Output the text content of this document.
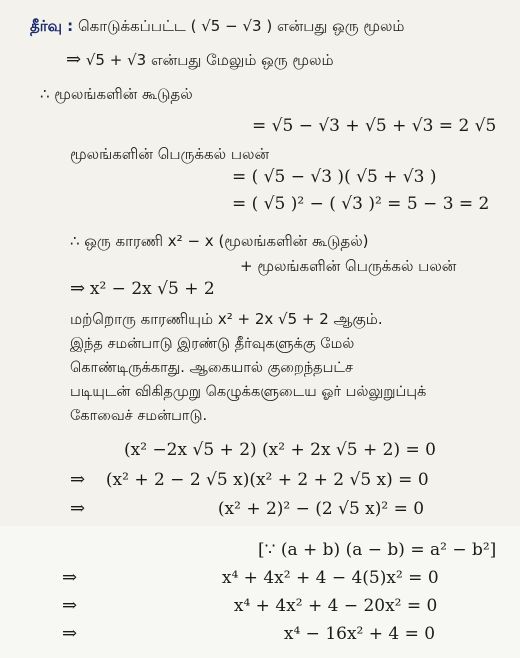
தீர்வு : கொடுக்கப்பட்ட ( √5 − √3 ) என்பது ஒரு மூலம்
⇒ √5 + √3 என்பது மேலும் ஒரு மூலம்
∴ மூலங்களின் கூடுதல்
= √5 − √3 + √5 + √3 = 2 √5
மூலங்களின் பெருக்கல் பலன்
= ( √5 − √3 )( √5 + √3 )
= ( √5 )² − ( √3 )² = 5 − 3 = 2
∴ ஒரு காரணி x² − x (மூலங்களின் கூடுதல்)
+ மூலங்களின் பெருக்கல் பலன்
⇒ x² − 2x √5 + 2
மற்றொரு காரணியும் x² + 2x √5 + 2 ஆகும்.
இந்த சமன்பாடு இரண்டு தீர்வுகளுக்கு மேல்
கொண்டிருக்காது. ஆகையால் குறைந்தபட்ச
படியுடன் விகிதமுறு கெழுக்களுடைய ஓர் பல்லுறுப்புக்
கோவைச் சமன்பாடு.
(x² −2x √5 + 2) (x² + 2x √5 + 2) = 0
⇒ (x² + 2 − 2 √5 x)(x² + 2 + 2 √5 x) = 0
⇒	(x² + 2)² − (2 √5 x)² = 0
[∵ (a + b) (a − b) = a² − b²]
⇒	x⁴ + 4x² + 4 − 4(5)x² = 0
⇒	x⁴ + 4x² + 4 − 20x² = 0
⇒	x⁴ − 16x² + 4 = 0
